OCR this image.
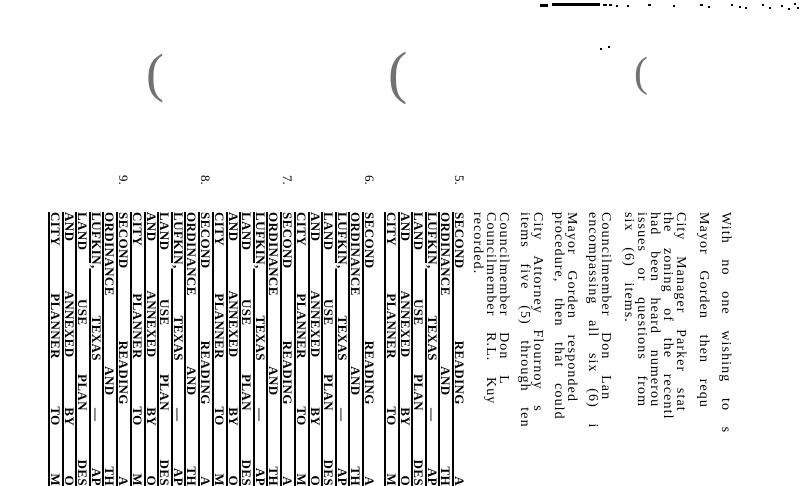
(	(	(
With no one wishing to s
Mayor Gorden then requ
City Manager Parker stat
the zoning of the recentl
had been heard numerou
issues or questions from
six (6) items.
Councilmember Don Lan
encompassing all six (6) i
Mayor Gorden responded
procedure, then that could
City Attorney Flournoy s
items five (5) through ten
Councilmember Don L
Councilmember R.L. Kuy
recorded.
5.
SECOND READING A
ORDINANCE AND TH
LUFKIN, TEXAS — AP
LAND USE PLAN DES
AND ANNEXED BY O
CITY PLANNER TO M
6.
SECOND READING A
ORDINANCE AND TH
LUFKIN, TEXAS — AP
LAND USE PLAN DES
AND ANNEXED BY O
CITY PLANNER TO M
7.
SECOND READING A
ORDINANCE AND TH
LUFKIN, TEXAS — AP
LAND USE PLAN DES
AND ANNEXED BY O
CITY PLANNER TO M
8.
SECOND READING A
ORDINANCE AND TH
LUFKIN, TEXAS — AP
LAND USE PLAN DES
AND ANNEXED BY O
CITY PLANNER TO M
9.
SECOND READING A
ORDINANCE AND TH
LUFKIN, TEXAS — AP
LAND USE PLAN DES
AND ANNEXED BY O
CITY PLANNER TO M
